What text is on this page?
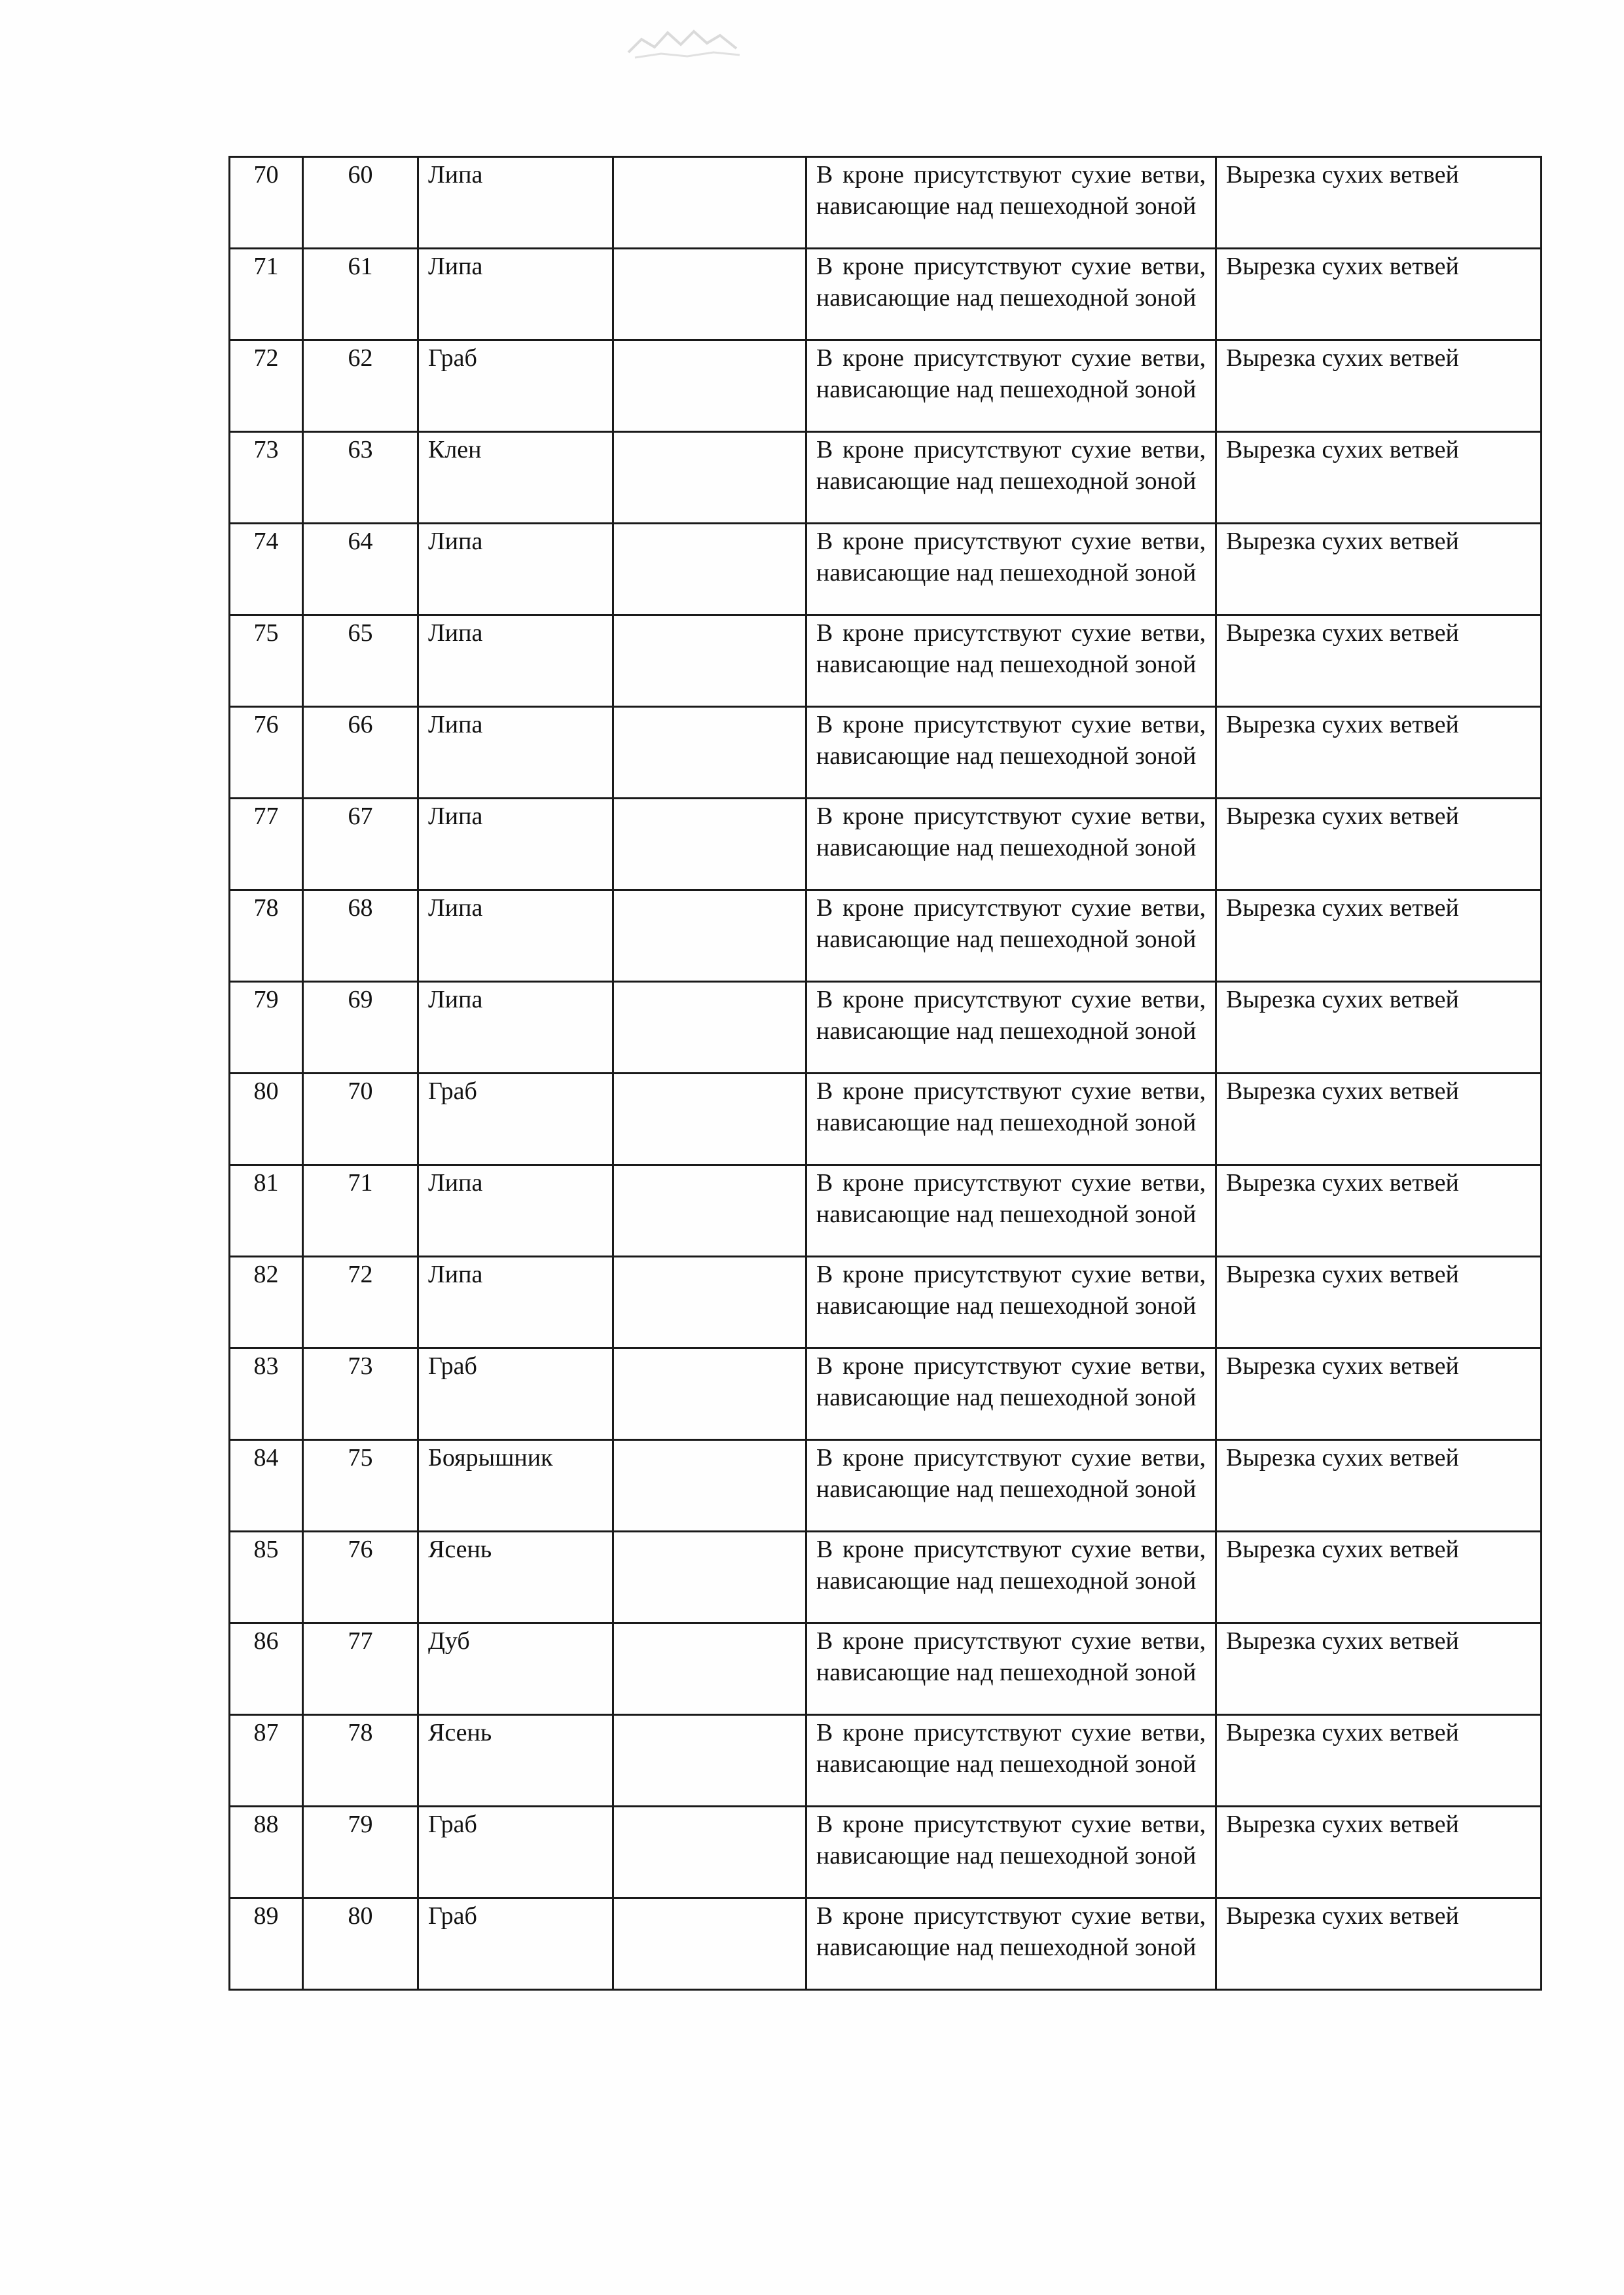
70	60	Липа		В кроне присутствуют сухие ветви, нависающие над пешеходной зоной	Вырезка сухих ветвей
71	61	Липа		В кроне присутствуют сухие ветви, нависающие над пешеходной зоной	Вырезка сухих ветвей
72	62	Граб		В кроне присутствуют сухие ветви, нависающие над пешеходной зоной	Вырезка сухих ветвей
73	63	Клен		В кроне присутствуют сухие ветви, нависающие над пешеходной зоной	Вырезка сухих ветвей
74	64	Липа		В кроне присутствуют сухие ветви, нависающие над пешеходной зоной	Вырезка сухих ветвей
75	65	Липа		В кроне присутствуют сухие ветви, нависающие над пешеходной зоной	Вырезка сухих ветвей
76	66	Липа		В кроне присутствуют сухие ветви, нависающие над пешеходной зоной	Вырезка сухих ветвей
77	67	Липа		В кроне присутствуют сухие ветви, нависающие над пешеходной зоной	Вырезка сухих ветвей
78	68	Липа		В кроне присутствуют сухие ветви, нависающие над пешеходной зоной	Вырезка сухих ветвей
79	69	Липа		В кроне присутствуют сухие ветви, нависающие над пешеходной зоной	Вырезка сухих ветвей
80	70	Граб		В кроне присутствуют сухие ветви, нависающие над пешеходной зоной	Вырезка сухих ветвей
81	71	Липа		В кроне присутствуют сухие ветви, нависающие над пешеходной зоной	Вырезка сухих ветвей
82	72	Липа		В кроне присутствуют сухие ветви, нависающие над пешеходной зоной	Вырезка сухих ветвей
83	73	Граб		В кроне присутствуют сухие ветви, нависающие над пешеходной зоной	Вырезка сухих ветвей
84	75	Боярышник		В кроне присутствуют сухие ветви, нависающие над пешеходной зоной	Вырезка сухих ветвей
85	76	Ясень		В кроне присутствуют сухие ветви, нависающие над пешеходной зоной	Вырезка сухих ветвей
86	77	Дуб		В кроне присутствуют сухие ветви, нависающие над пешеходной зоной	Вырезка сухих ветвей
87	78	Ясень		В кроне присутствуют сухие ветви, нависающие над пешеходной зоной	Вырезка сухих ветвей
88	79	Граб		В кроне присутствуют сухие ветви, нависающие над пешеходной зоной	Вырезка сухих ветвей
89	80	Граб		В кроне присутствуют сухие ветви, нависающие над пешеходной зоной	Вырезка сухих ветвей
